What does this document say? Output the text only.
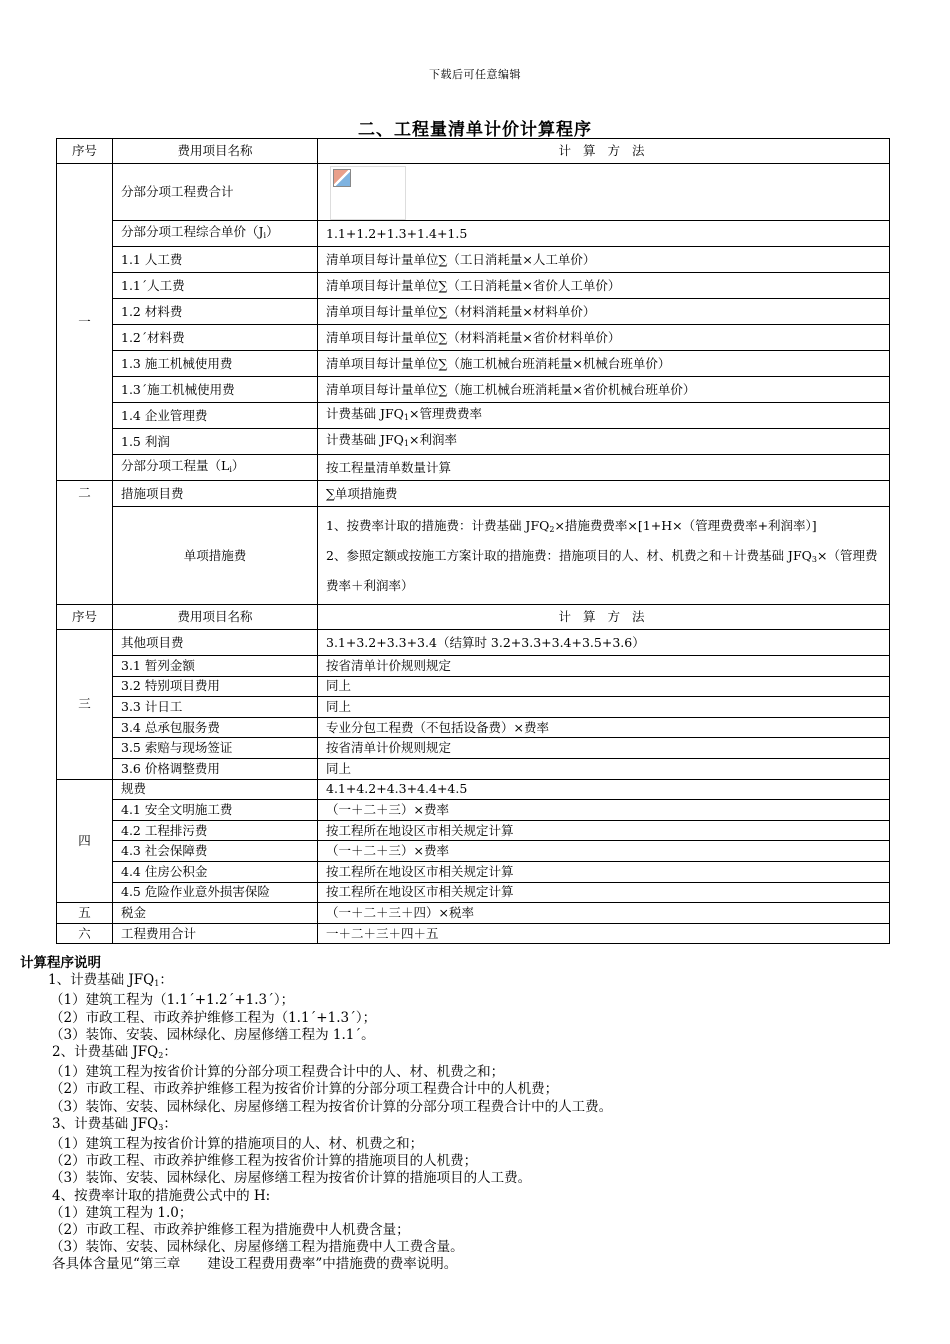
下载后可任意编辑
二、工程量清单计价计算程序
序号	费用项目名称	计 算 方 法
一	分部分项工程费合计	

	分部分项工程综合单价$(J_i)$	1.1+1.2+1.3+1.4+1.5
	1.1 人工费	清单项目每计量单位∑（工日消耗量×人工单价）
	1.1´人工费	清单项目每计量单位∑（工日消耗量×省价人工单价）
	1.2 材料费	清单项目每计量单位∑（材料消耗量×材料单价）
	1.2´材料费	清单项目每计量单位∑（材料消耗量×省价材料单价）
	1.3 施工机械使用费	清单项目每计量单位∑（施工机械台班消耗量×机械台班单价）
	1.3´施工机械使用费	清单项目每计量单位∑（施工机械台班消耗量×省价机械台班单价）
	1.4 企业管理费	计费基础 $JFQ_1\times$管理费费率
	1.5 利润	计费基础 $JFQ_1\times$利润率
	分部分项工程量$(L_i)$	按工程量清单数量计算
二	措施项目费	∑单项措施费
	单项措施费	1、按费率计取的措施费：计费基础 $JFQ_2\times$措施费费率×[1+H×（管理费费率+利润率）]
2、参照定额或按施工方案计取的措施费：措施项目的人、材、机费之和＋计费基础 $JFQ_3\times$（管理费费率＋利润率）

序号	费用项目名称	计 算 方 法
三	其他项目费	3.1+3.2+3.3+3.4（结算时 3.2+3.3+3.4+3.5+3.6）
	3.1 暂列金额	按省清单计价规则规定
	3.2 特别项目费用	同上
	3.3 计日工	同上
	3.4 总承包服务费	专业分包工程费（不包括设备费）×费率
	3.5 索赔与现场签证	按省清单计价规则规定
	3.6 价格调整费用	同上
四	规费	4.1+4.2+4.3+4.4+4.5
	4.1 安全文明施工费	（一＋二＋三）×费率
	4.2 工程排污费	按工程所在地设区市相关规定计算
	4.3 社会保障费	（一＋二＋三）×费率
	4.4 住房公积金	按工程所在地设区市相关规定计算
	4.5 危险作业意外损害保险	按工程所在地设区市相关规定计算
五	税金	（一＋二＋三＋四）×税率
六	工程费用合计	一＋二＋三＋四＋五
计算程序说明
1、计费基础 $JFQ_1$：
（1）建筑工程为（1.1´+1.2´+1.3´）；
（2）市政工程、市政养护维修工程为（1.1´+1.3´）；
（3）装饰、安装、园林绿化、房屋修缮工程为 1.1´。
2、计费基础 $JFQ_2$：
（1）建筑工程为按省价计算的分部分项工程费合计中的人、材、机费之和；
（2）市政工程、市政养护维修工程为按省价计算的分部分项工程费合计中的人机费；
（3）装饰、安装、园林绿化、房屋修缮工程为按省价计算的分部分项工程费合计中的人工费。
3、计费基础 $JFQ_3$：
（1）建筑工程为按省价计算的措施项目的人、材、机费之和；
（2）市政工程、市政养护维修工程为按省价计算的措施项目的人机费；
（3）装饰、安装、园林绿化、房屋修缮工程为按省价计算的措施项目的人工费。
4、按费率计取的措施费公式中的 H:
（1）建筑工程为 1.0；
（2）市政工程、市政养护维修工程为措施费中人机费含量；
（3）装饰、安装、园林绿化、房屋修缮工程为措施费中人工费含量。
各具体含量见“第三章　　建设工程费用费率”中措施费的费率说明。
